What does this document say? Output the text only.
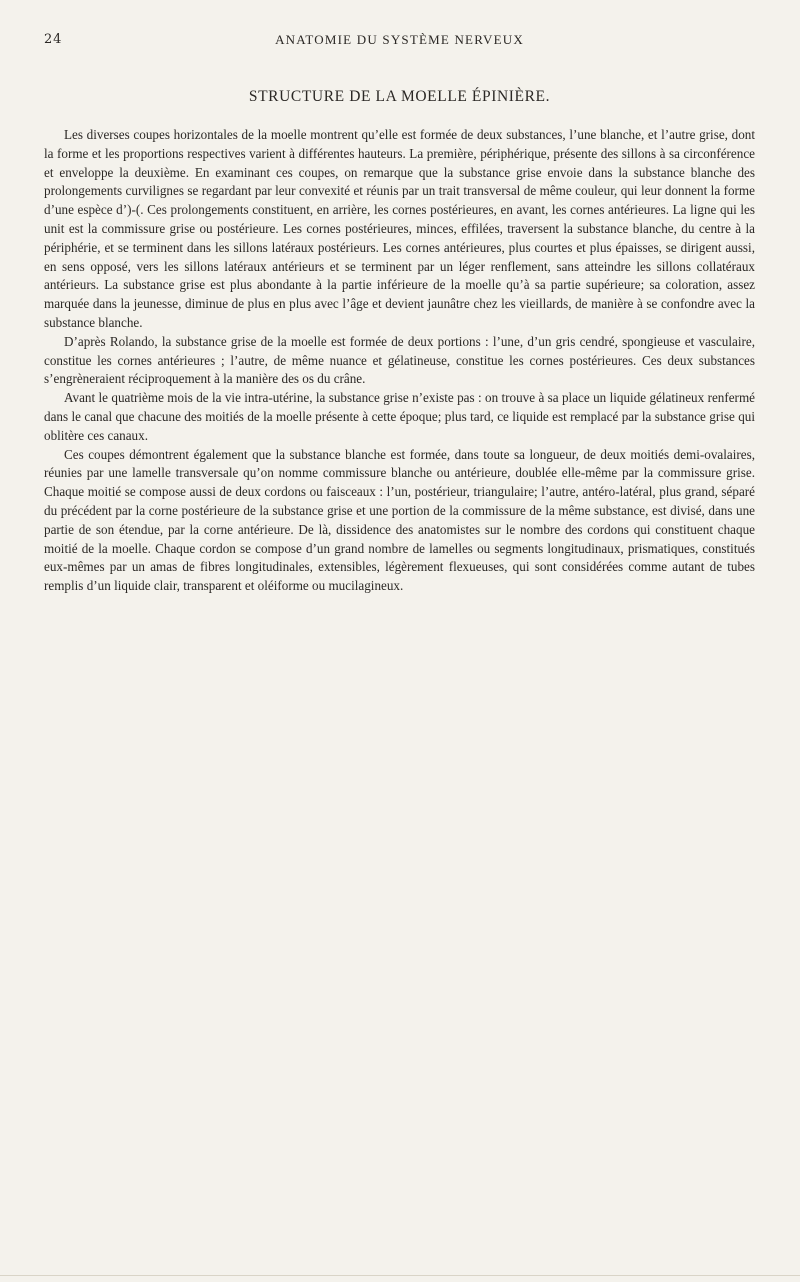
24	ANATOMIE DU SYSTÈME NERVEUX
STRUCTURE DE LA MOELLE ÉPINIÈRE.

Les diverses coupes horizontales de la moelle montrent qu’elle est formée de deux substances, l’une blanche, et l’autre grise, dont la forme et les proportions respectives varient à différentes hauteurs. La première, périphérique, présente des sillons à sa circonférence et enveloppe la deuxième. En examinant ces coupes, on remarque que la substance grise envoie dans la substance blanche des prolongements curvilignes se regardant par leur convexité et réunis par un trait transversal de même couleur, qui leur donnent la forme d’une espèce d’)-(. Ces prolongements constituent, en arrière, les cornes postérieures, en avant, les cornes antérieures. La ligne qui les unit est la commissure grise ou postérieure. Les cornes postérieures, minces, effilées, traversent la substance blanche, du centre à la périphérie, et se terminent dans les sillons latéraux postérieurs. Les cornes antérieures, plus courtes et plus épaisses, se dirigent aussi, en sens opposé, vers les sillons latéraux antérieurs et se terminent par un léger renflement, sans atteindre les sillons collatéraux antérieurs. La substance grise est plus abondante à la partie inférieure de la moelle qu’à sa partie supérieure; sa coloration, assez marquée dans la jeunesse, diminue de plus en plus avec l’âge et devient jaunâtre chez les vieillards, de manière à se confondre avec la substance blanche.

D’après Rolando, la substance grise de la moelle est formée de deux portions : l’une, d’un gris cendré, spongieuse et vasculaire, constitue les cornes antérieures ; l’autre, de même nuance et gélatineuse, constitue les cornes postérieures. Ces deux substances s’engrèneraient réciproquement à la manière des os du crâne.

Avant le quatrième mois de la vie intra-utérine, la substance grise n’existe pas : on trouve à sa place un liquide gélatineux renfermé dans le canal que chacune des moitiés de la moelle présente à cette époque; plus tard, ce liquide est remplacé par la substance grise qui oblitère ces canaux.

Ces coupes démontrent également que la substance blanche est formée, dans toute sa longueur, de deux moitiés demi-ovalaires, réunies par une lamelle transversale qu’on nomme commissure blanche ou antérieure, doublée elle-même par la commissure grise. Chaque moitié se compose aussi de deux cordons ou faisceaux : l’un, postérieur, triangulaire; l’autre, antéro-latéral, plus grand, séparé du précédent par la corne postérieure de la substance grise et une portion de la commissure de la même substance, est divisé, dans une partie de son étendue, par la corne antérieure. De là, dissidence des anatomistes sur le nombre des cordons qui constituent chaque moitié de la moelle. Chaque cordon se compose d’un grand nombre de lamelles ou segments longitudinaux, prismatiques, constitués eux-mêmes par un amas de fibres longitudinales, extensibles, légèrement flexueuses, qui sont considérées comme autant de tubes remplis d’un liquide clair, transparent et oléiforme ou mucilagineux.
